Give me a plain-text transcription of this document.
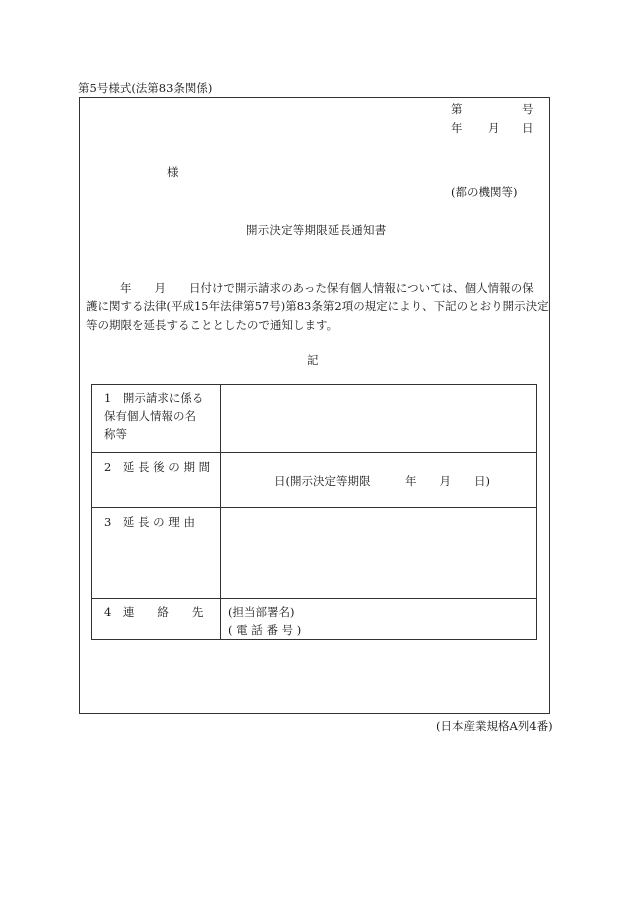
第5号様式(法第83条関係)
第	号
年 月 日
様
(都の機関等)
開示決定等期限延長通知書
年　　月　　日付けで開示請求のあった保有個人情報については、個人情報の保
護に関する法律(平成15年法律第57号)第83条第2項の規定により、下記のとおり開示決定
等の期限を延長することとしたので通知します。
記
1　開示請求に係る
保有個人情報の名
称等
2　延 長 後 の 期 間
日(開示決定等期限　　　年　　月　　日)
3　延 長 の 理 由
4　連　　絡　　先 (担当部署名)
( 電 話 番 号 )
(日本産業規格A列4番)
